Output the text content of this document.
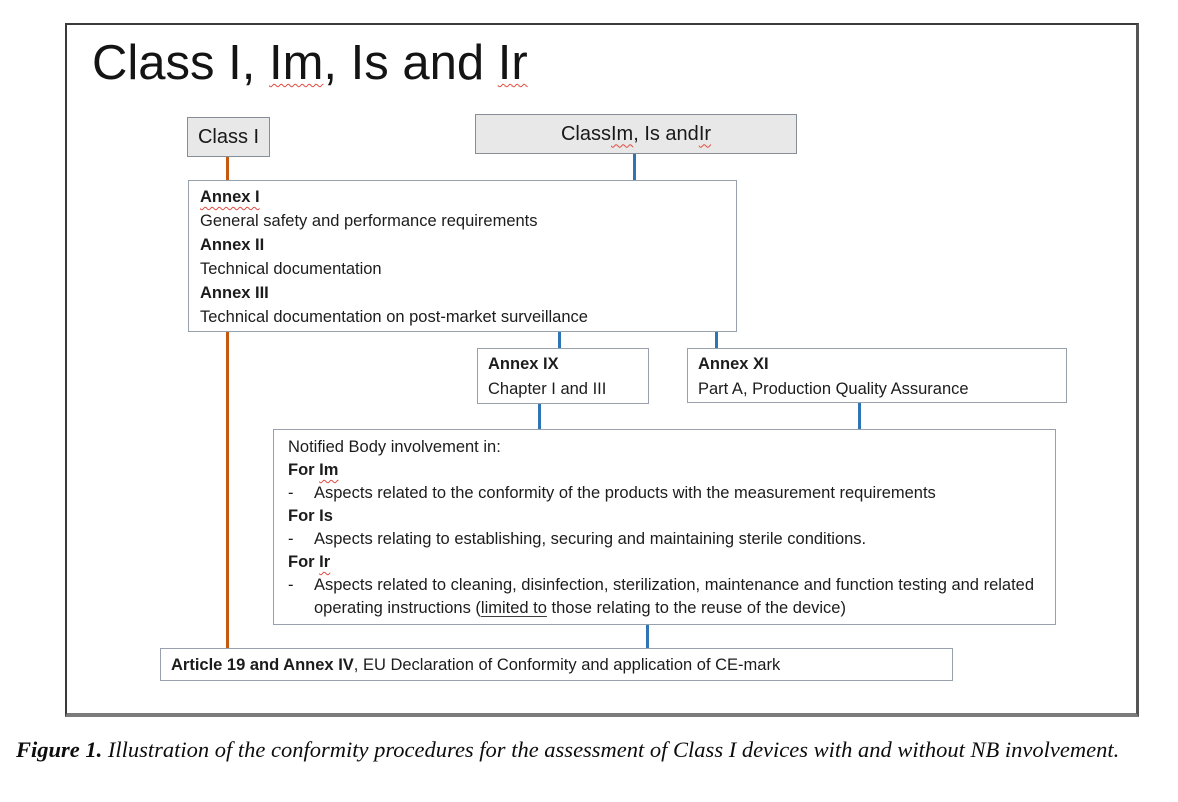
Class I, Im, Is and Ir
Class I	Class Im , Is and Ir
Annex I
General safety and performance requirements
Annex II
Technical documentation
Annex III
Technical documentation on post-market surveillance
Annex IX
Chapter I and III
Annex XI
Part A, Production Quality Assurance
Notified Body involvement in:
For Im
-	Aspects related to the conformity of the products with the measurement requirements
For Is
-	Aspects relating to establishing, securing and maintaining sterile conditions.
For Ir
-	Aspects related to cleaning, disinfection, sterilization, maintenance and function testing and related operating instructions (limited to those relating to the reuse of the device)
Article 19 and Annex IV, EU Declaration of Conformity and application of CE-mark
Figure 1. Illustration of the conformity procedures for the assessment of Class I devices with and without NB involvement.
